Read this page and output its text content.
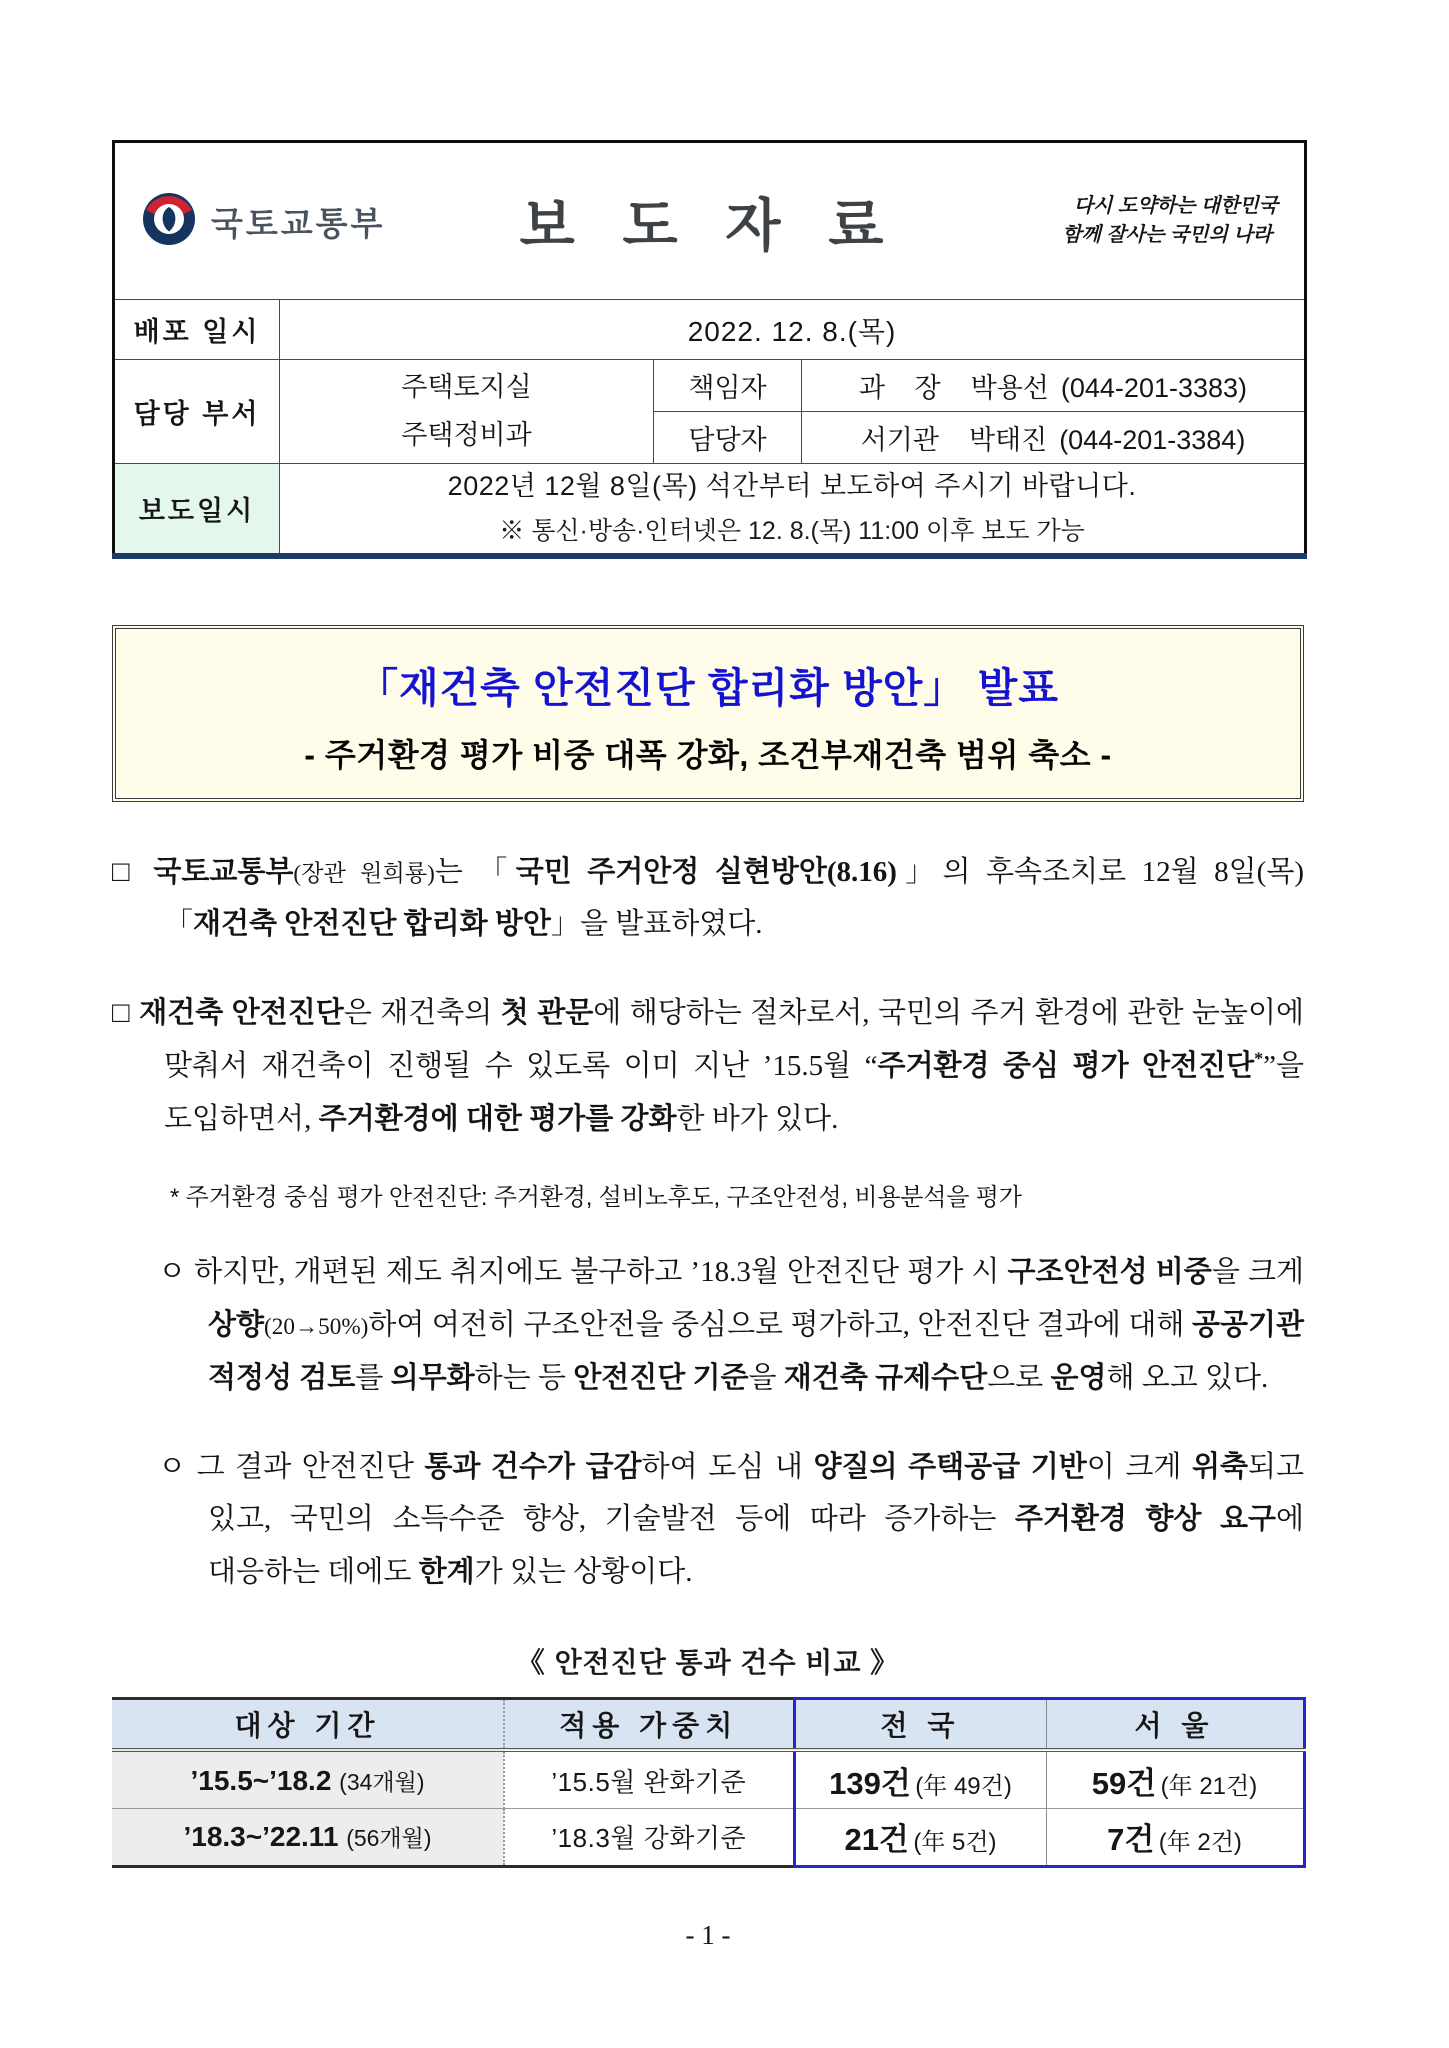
국토교통부 보 도 자 료 다시 도약하는 대한민국
함께 잘사는 국민의 나라			

배포 일시	2022. 12. 8.(목)		
담당 부서	주택토지실
주택정비과	책임자	과 장 박용선 (044-201-3383)
		담당자	서기관 박태진 (044-201-3384)
보도일시	2022년 12월 8일(목) 석간부터 보도하여 주시기 바랍니다.
※ 통신·방송·인터넷은 12. 8.(목) 11:00 이후 보도 가능		
「재건축 안전진단 합리화 방안」 발표
- 주거환경 평가 비중 대폭 강화, 조건부재건축 범위 축소 -
□ 국토교통부(장관 원희룡)는 「국민 주거안정 실현방안(8.16)」의 후속조치로 12월 8일(목) 「재건축 안전진단 합리화 방안」을 발표하였다.
□ 재건축 안전진단은 재건축의 첫 관문에 해당하는 절차로서, 국민의 주거 환경에 관한 눈높이에 맞춰서 재건축이 진행될 수 있도록 이미 지난 ’15.5월 “주거환경 중심 평가 안전진단*”을 도입하면서, 주거환경에 대한 평가를 강화한 바가 있다.
* 주거환경 중심 평가 안전진단: 주거환경, 설비노후도, 구조안전성, 비용분석을 평가
ㅇ 하지만, 개편된 제도 취지에도 불구하고 ’18.3월 안전진단 평가 시 구조안전성 비중을 크게 상향(20→50%)하여 여전히 구조안전을 중심으로 평가하고, 안전진단 결과에 대해 공공기관 적정성 검토를 의무화하는 등 안전진단 기준을 재건축 규제수단으로 운영해 오고 있다.
ㅇ 그 결과 안전진단 통과 건수가 급감하여 도심 내 양질의 주택공급 기반이 크게 위축되고 있고, 국민의 소득수준 향상, 기술발전 등에 따라 증가하는 주거환경 향상 요구에 대응하는 데에도 한계가 있는 상황이다.
《 안전진단 통과 건수 비교 》
대상 기간	적용 가중치	전 국	서 울
’15.5~’18.2 (34개월)	’15.5월 완화기준	139건 (年 49건)	59건 (年 21건)
’18.3~’22.11 (56개월)	’18.3월 강화기준	21건 (年 5건)	7건 (年 2건)
- 1 -
